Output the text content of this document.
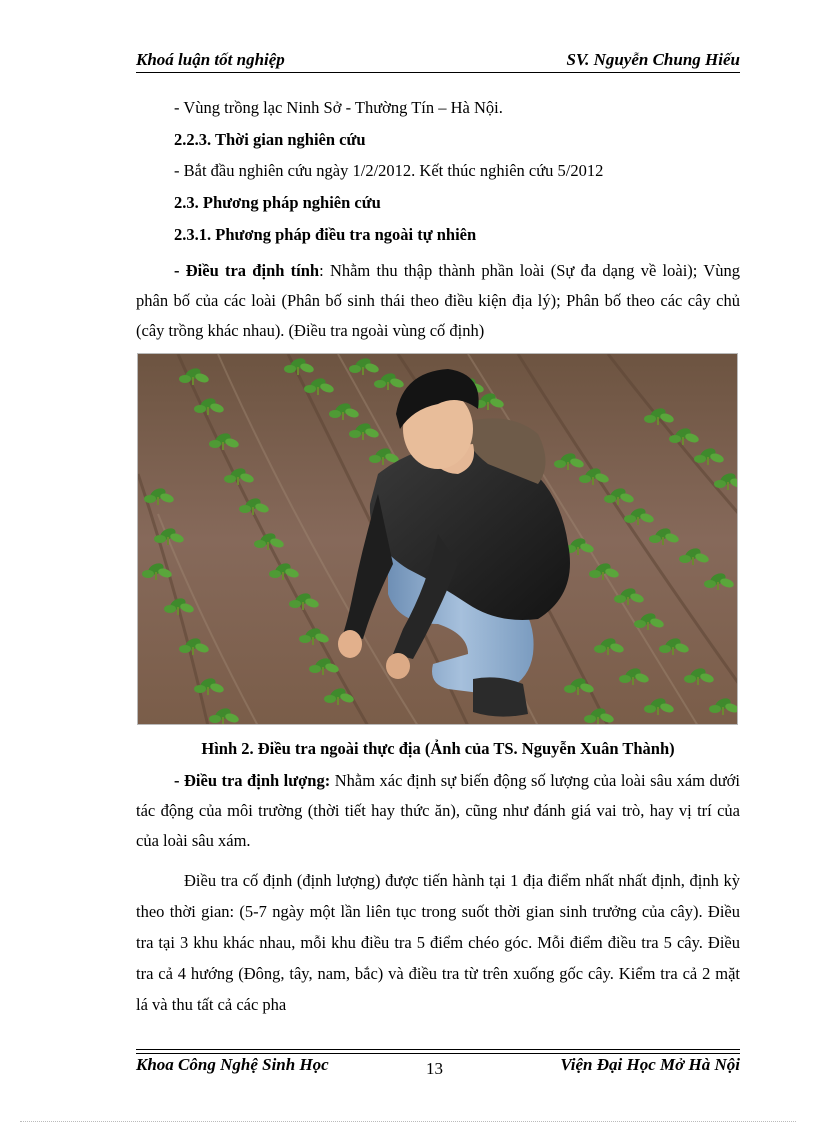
Khoá luận tốt nghiệp	SV. Nguyễn Chung Hiếu
- Vùng trồng lạc Ninh Sở - Thường Tín – Hà Nội.
2.2.3. Thời gian nghiên cứu
- Bắt đầu nghiên cứu ngày 1/2/2012. Kết thúc nghiên cứu 5/2012
2.3. Phương pháp nghiên cứu
2.3.1. Phương pháp điều tra ngoài tự nhiên
- Điều tra định tính: Nhằm thu thập thành phần loài (Sự đa dạng về loài); Vùng phân bố của các loài (Phân bố sinh thái theo điều kiện địa lý); Phân bố theo các cây chủ (cây trồng khác nhau). (Điều tra ngoài vùng cố định)
Hình 2. Điều tra ngoài thực địa (Ảnh của TS. Nguyễn Xuân Thành)
- Điều tra định lượng: Nhằm xác định sự biến động số lượng của loài sâu xám dưới tác động của môi trường (thời tiết hay thức ăn), cũng như đánh giá vai trò, hay vị trí của của loài sâu xám.
Điều tra cố định (định lượng) được tiến hành tại 1 địa điểm nhất nhất định, định kỳ theo thời gian: (5-7 ngày một lần liên tục trong suốt thời gian sinh trưởng của cây). Điều tra tại 3 khu khác nhau, mỗi khu điều tra 5 điểm chéo góc. Mỗi điểm điều tra 5 cây. Điều tra cả 4 hướng (Đông, tây, nam, bắc) và điều tra từ trên xuống gốc cây. Kiểm tra cả 2 mặt lá và thu tất cả các pha
Khoa Công Nghệ Sinh Học	13	Viện Đại Học Mở Hà Nội
